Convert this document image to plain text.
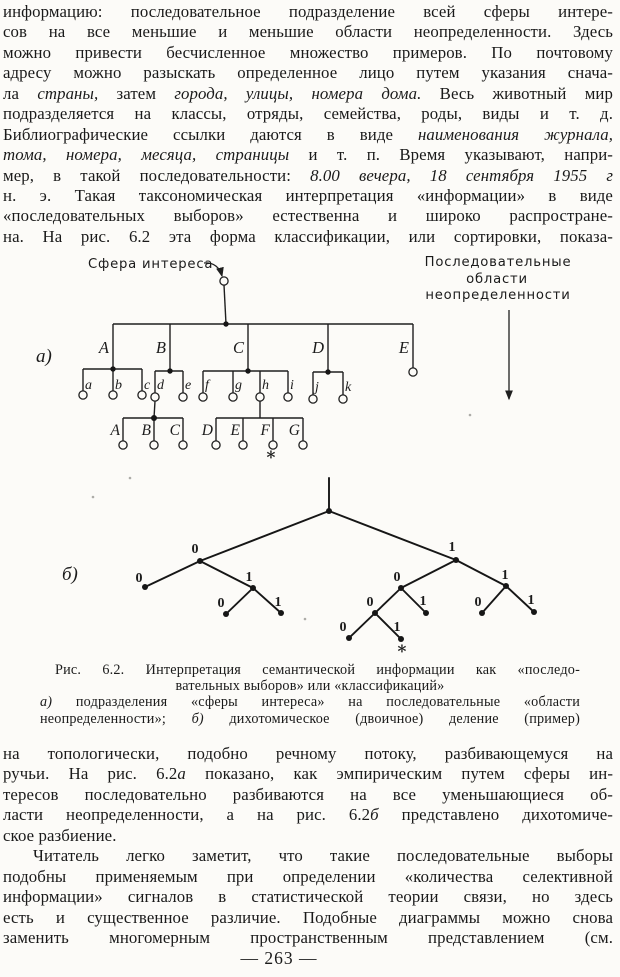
информацию: последовательное подразделение всей сферы интере-
сов на все меньшие и меньшие области неопределенности. Здесь
можно привести бесчисленное множество примеров. По почтовому
адресу можно разыскать определенное лицо путем указания снача-
ла страны, затем города, улицы, номера дома. Весь животный мир
подразделяется на классы, отряды, семейства, роды, виды и т. д.
Библиографические ссылки даются в виде наименования журнала,
тома, номера, месяца, страницы и т. п. Время указывают, напри-
мер, в такой последовательности: 8.00 вечера, 18 сентября 1955 г
н. э. Такая таксономическая интерпретация «информации» в виде
«последовательных выборов» естественна и широко распростране-
на. На рис. 6.2 эта форма классификации, или сортировки, показа-
Сфера интереса	Последовательные
области
неопределенности
а)
б)
A	B	C	D	E
a b c d e f g h i j k
A B C D E F G
*
0	1
0	1	0	1
0	1	0	1	0	1
0	1
*
Рис. 6.2. Интерпретация семантической информации как «последо-
вательных выборов» или «классификаций»
а) подразделения «сферы интереса» на последовательные «области
неопределенности»; б) дихотомическое (двоичное) деление (пример)
на топологически, подобно речному потоку, разбивающемуся на
ручьи. На рис. 6.2а показано, как эмпирическим путем сферы ин-
тересов последовательно разбиваются на все уменьшающиеся об-
ласти неопределенности, а на рис. 6.2б представлено дихотомиче-
ское разбиение.
Читатель легко заметит, что такие последовательные выборы
подобны применяемым при определении «количества селективной
информации» сигналов в статистической теории связи, но здесь
есть и существенное различие. Подобные диаграммы можно снова
заменить многомерным пространственным представлением (см.
— 263 —
